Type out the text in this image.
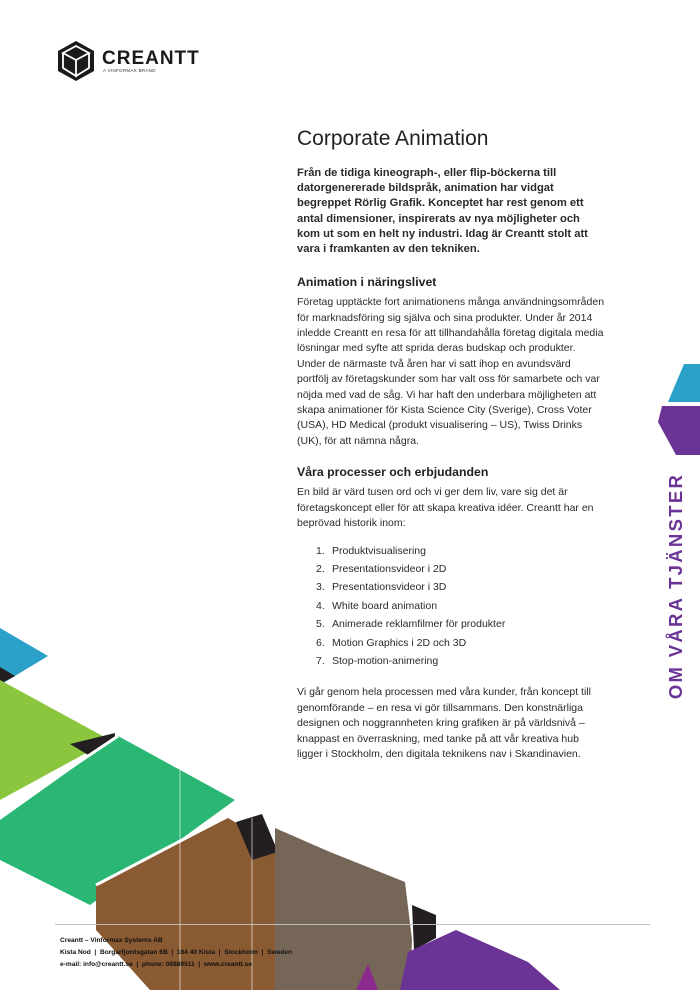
CREANTT
A VINFORMAX BRAND
Corporate Animation

Från de tidiga kineograph-, eller flip-böckerna till datorgenererade bildspråk, animation har vidgat begreppet Rörlig Grafik. Konceptet har rest genom ett antal dimensioner, inspirerats av nya möjligheter och kom ut som en helt ny industri. Idag är Creantt stolt att vara i framkanten av den tekniken.

Animation i näringslivet

Företag upptäckte fort animationens många användningsområden för marknadsföring sig själva och sina produkter. Under år 2014 inledde Creantt en resa för att tillhandahålla företag digitala media lösningar med syfte att sprida deras budskap och produkter. Under de närmaste två åren har vi satt ihop en avundsvärd portfölj av företagskunder som har valt oss för samarbete och var nöjda med vad de såg. Vi har haft den underbara möjligheten att skapa animationer för Kista Science City (Sverige), Cross Voter (USA), HD Medical (produkt visualisering – US), Twiss Drinks (UK), för att nämna några.

Våra processer och erbjudanden

En bild är värd tusen ord och vi ger dem liv, vare sig det är företagskoncept eller för att skapa kreativa idéer. Creantt har en beprövad historik inom:

1. Produktvisualisering
2. Presentationsvideor i 2D
3. Presentationsvideor i 3D
4. White board animation
5. Animerade reklamfilmer för produkter
6. Motion Graphics i 2D och 3D
7. Stop-motion-animering

Vi går genom hela processen med våra kunder, från koncept till genomförande – en resa vi gör tillsammans. Den konstnärliga designen och noggrannheten kring grafiken är på världsnivå – knappast en överraskning, med tanke på att vår kreativa hub ligger i Stockholm, den digitala teknikens nav i Skandinavien.

OM VÅRA TJÄNSTER
Creantt – Vinformax Systems AB
Kista Nod  |  Borgarfjordsgatan 6B  |  164 40 Kista  |  Stockholm  |  Sweden
e-mail: info@creantt.se  |  phone: 08889511  |  www.creantt.se
